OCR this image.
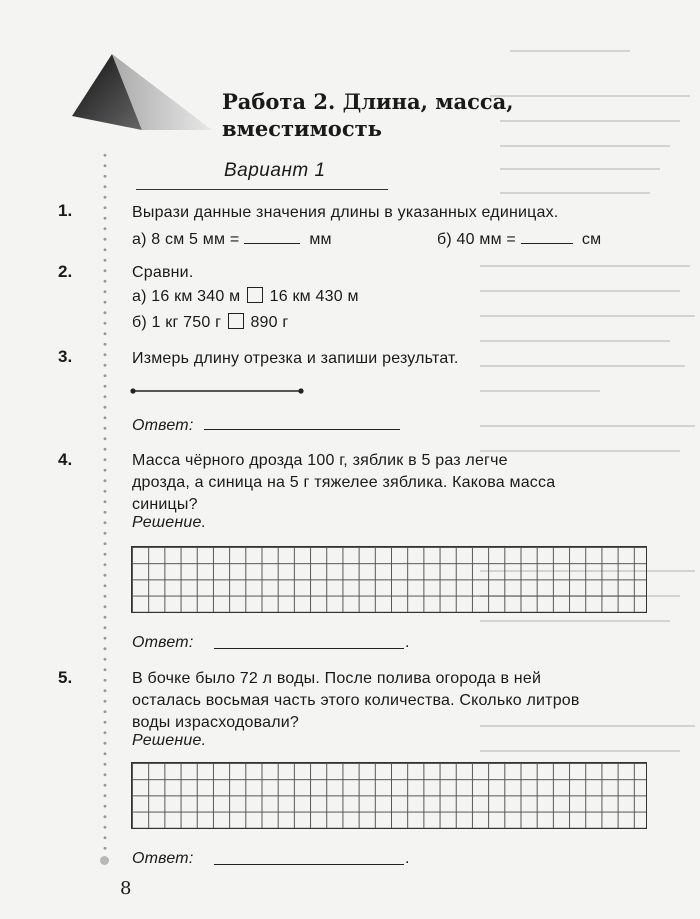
Работа 2. Длина, масса,
вместимость
Вариант 1
1.	Вырази данные значения длины в указанных единицах.
а) 8 см 5 мм =	мм	б) 40 мм =	см
2.	Сравни.
а) 16 км 340 м 16 км 430 м
б) 1 кг 750 г 890 г
3.	Измерь длину отрезка и запиши результат.
Ответ:
4.	Масса чёрного дрозда 100 г, зяблик в 5 раз легче
дрозда, а синица на 5 г тяжелее зяблика. Какова масса
синицы?
Решение.
Ответ:	.
5.	В бочке было 72 л воды. После полива огорода в ней
осталась восьмая часть этого количества. Сколько литров
воды израсходовали?
Решение.
Ответ:	.
8
